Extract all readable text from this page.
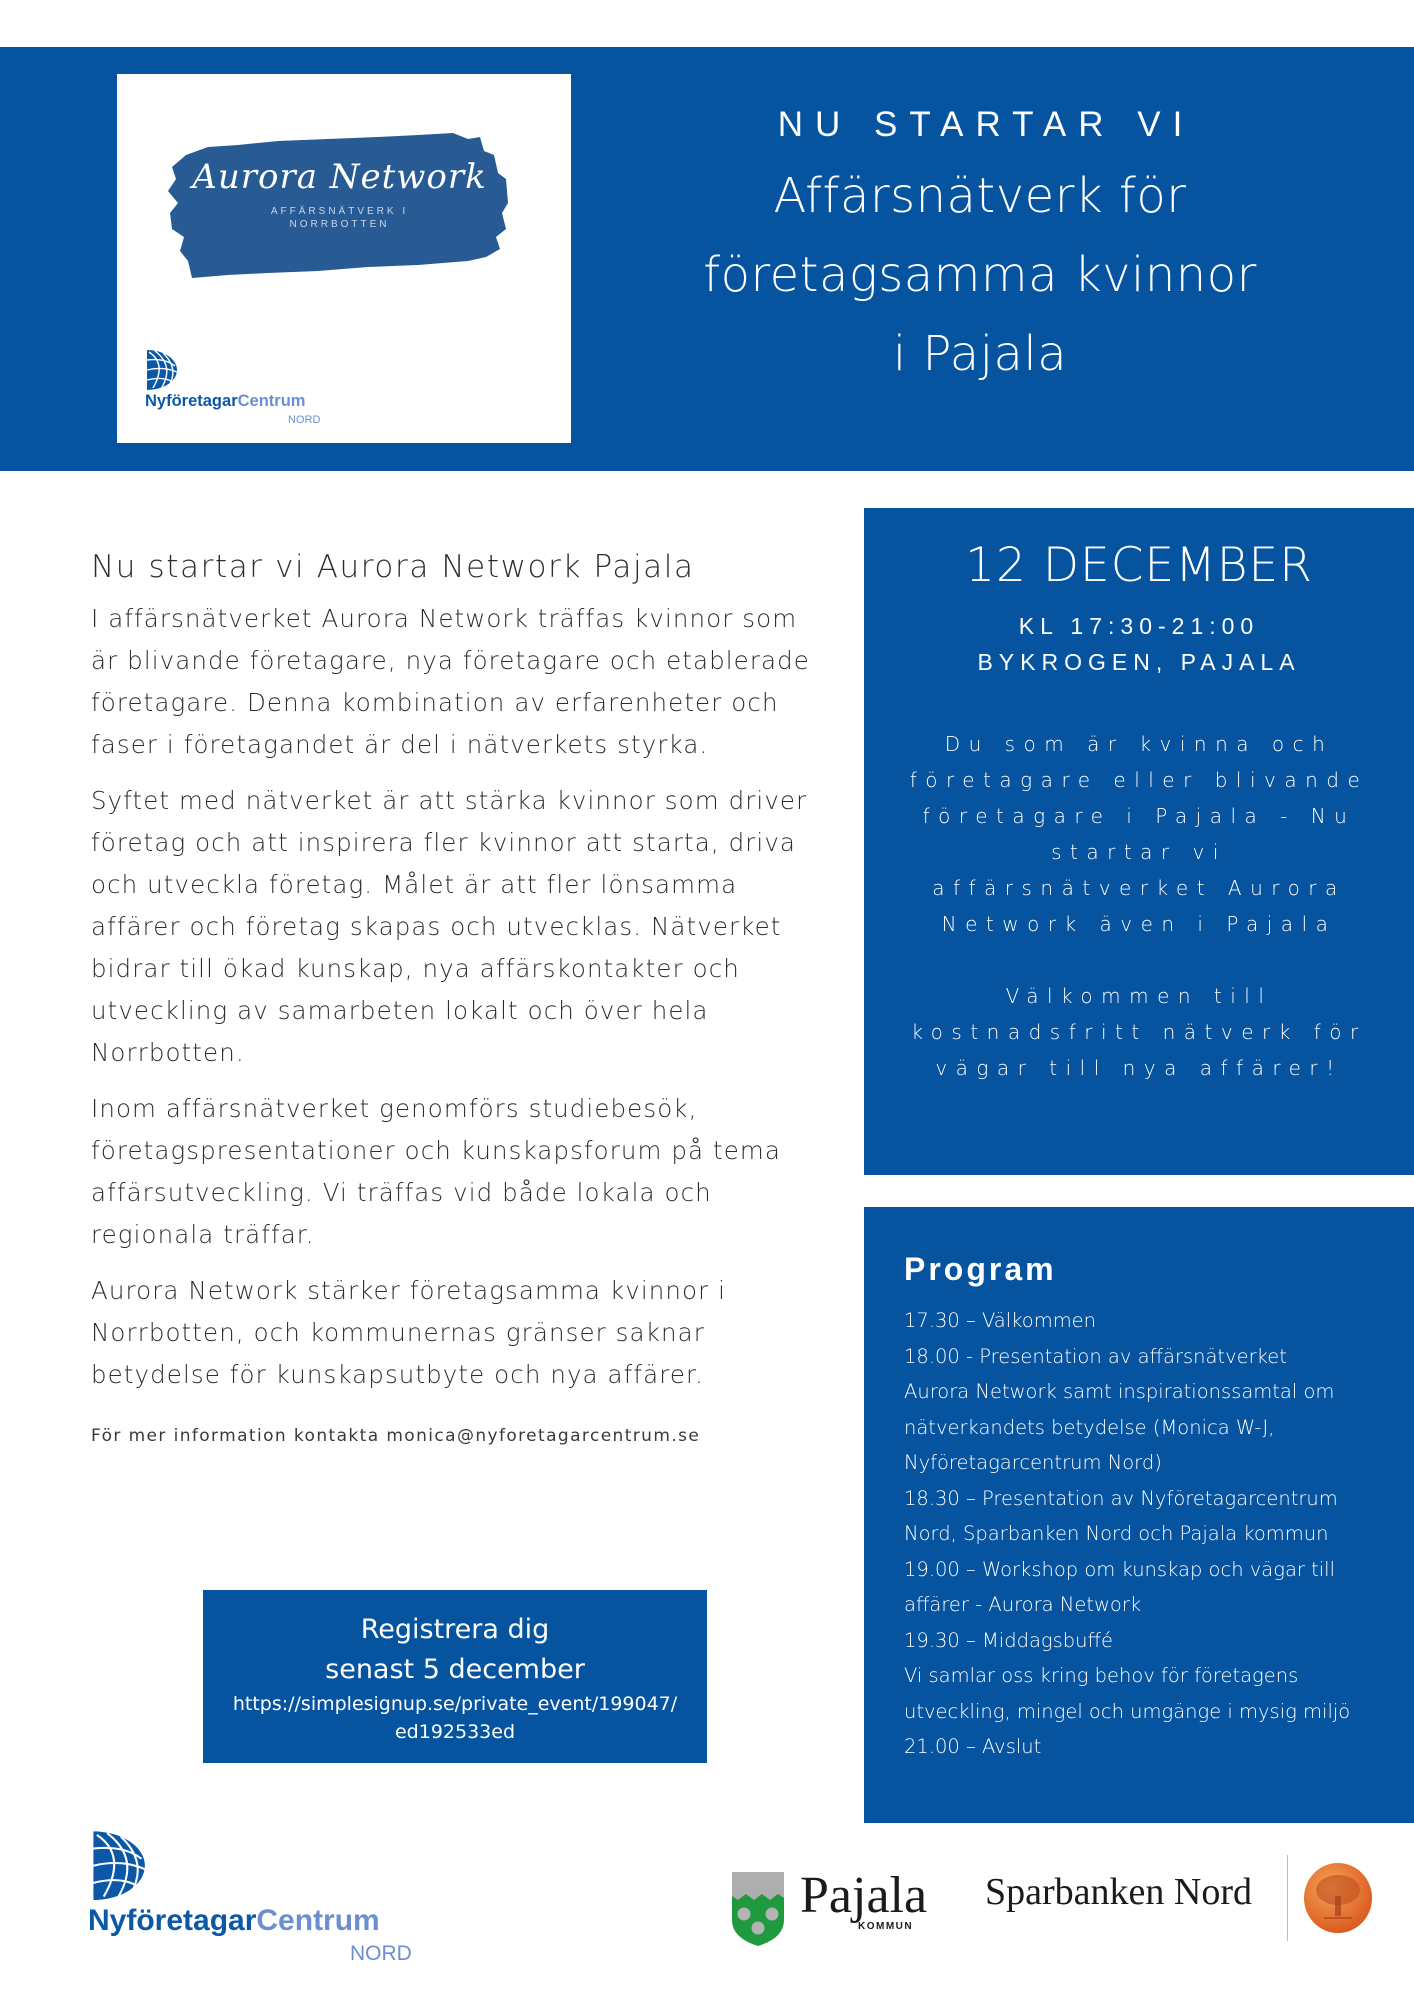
Aurora Network
AFFÄRSNÄTVERK I
NORRBOTTEN
NyföretagarCentrum
NORD
NU STARTAR VI
Affärsnätverk för
företagsamma kvinnor
i Pajala
Nu startar vi Aurora Network Pajala

I affärsnätverket Aurora Network träffas kvinnor som är blivande företagare, nya företagare och etablerade företagare. Denna kombination av erfarenheter och faser i företagandet är del i nätverkets styrka.

Syftet med nätverket är att stärka kvinnor som driver företag och att inspirera fler kvinnor att starta, driva och utveckla företag. Målet är att fler lönsamma affärer och företag skapas och utvecklas. Nätverket bidrar till ökad kunskap, nya affärskontakter och utveckling av samarbeten lokalt och över hela Norrbotten.

Inom affärsnätverket genomförs studiebesök, företagspresentationer och kunskapsforum på tema affärsutveckling. Vi träffas vid både lokala och regionala träffar.

Aurora Network stärker företagsamma kvinnor i Norrbotten, och kommunernas gränser saknar betydelse för kunskapsutbyte och nya affärer.

För mer information kontakta monica@nyforetagarcentrum.se
Registrera dig
senast 5 december
https://simplesignup.se/private_event/199047/ed192533ed
12 DECEMBER
KL 17:30-21:00
BYKROGEN, PAJALA
Du som är kvinna och företagare eller blivande företagare i Pajala - Nu startar vi affärsnätverket Aurora Network även i Pajala
Välkommen till kostnadsfritt nätverk för vägar till nya affärer!
Program
17.30 – Välkommen
18.00 - Presentation av affärsnätverket
Aurora Network samt inspirationssamtal om
nätverkandets betydelse (Monica W-J,
Nyföretagarcentrum Nord)
18.30 – Presentation av Nyföretagarcentrum
Nord, Sparbanken Nord och Pajala kommun
19.00 – Workshop om kunskap och vägar till
affärer - Aurora Network
19.30 – Middagsbuffé
Vi samlar oss kring behov för företagens
utveckling, mingel och umgänge i mysig miljö
21.00 – Avslut
NyföretagarCentrum
NORD
Pajala
KOMMUN
Sparbanken Nord
